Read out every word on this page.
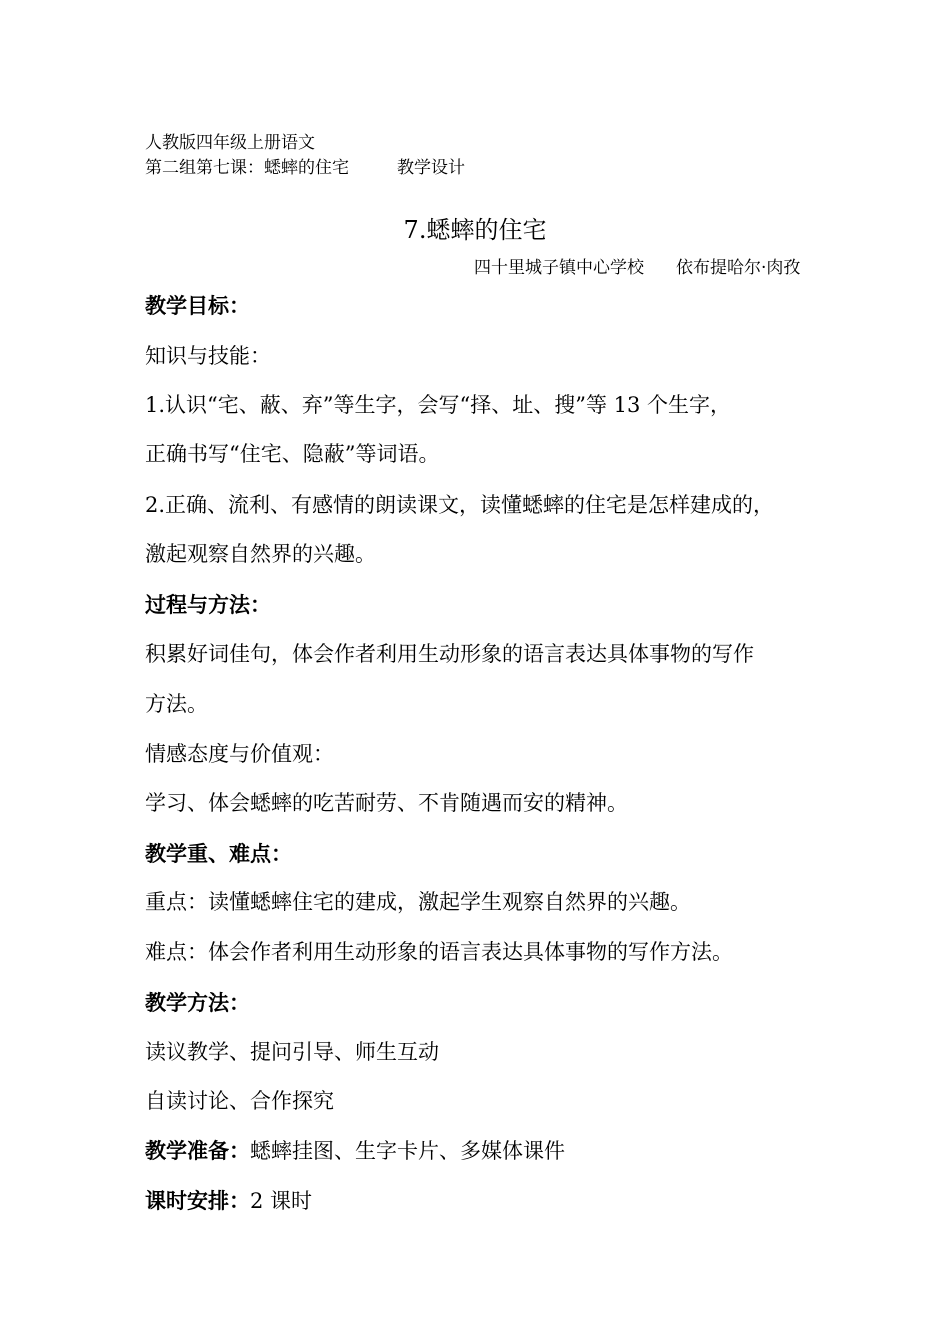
人教版四年级上册语文
第二组第七课：蟋蟀的住宅	教学设计
7.蟋蟀的住宅
四十里城子镇中心学校 依布提哈尔·肉孜
教学目标：
知识与技能：
1.认识“宅、蔽、弃”等生字，会写“择、址、搜”等 13 个生字，
正确书写“住宅、隐蔽”等词语。
2.正确、流利、有感情的朗读课文，读懂蟋蟀的住宅是怎样建成的，
激起观察自然界的兴趣。
过程与方法：
积累好词佳句，体会作者利用生动形象的语言表达具体事物的写作
方法。
情感态度与价值观：
学习、体会蟋蟀的吃苦耐劳、不肯随遇而安的精神。
教学重、难点：
重点：读懂蟋蟀住宅的建成，激起学生观察自然界的兴趣。
难点：体会作者利用生动形象的语言表达具体事物的写作方法。
教学方法：
读议教学、提问引导、师生互动
自读讨论、合作探究
教学准备：蟋蟀挂图、生字卡片、多媒体课件
课时安排：2 课时
